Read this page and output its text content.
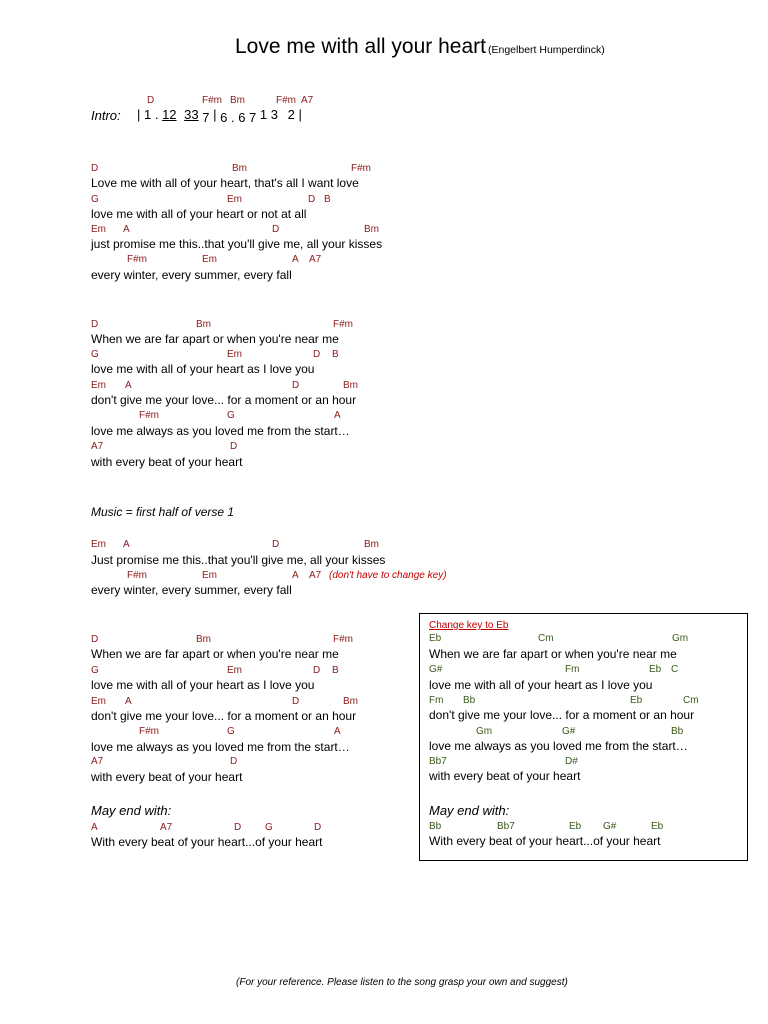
Love me with all your heart (Engelbert Humperdinck)
D	F#m Bm	F#m A7
Intro: | 1 . 12 33 7 | 6 . 6 7 1 3 2 |
D	Bm	F#m
Love me with all of your heart, that's all I want love
G	Em	D B
love me with all of your heart or not at all
Em A	D	Bm
just promise me this..that you'll give me, all your kisses
F#m	Em	A A7
every winter, every summer, every fall
D	Bm	F#m
When we are far apart or when you're near me
G	Em	D B
love me with all of your heart as I love you
Em A	D	Bm
don't give me your love... for a moment or an hour
F#m	G	A
love me always as you loved me from the start…
A7	D
with every beat of your heart
Music = first half of verse 1
Em A	D	Bm
Just promise me this..that you'll give me, all your kisses
F#m	Em	A A7 (don't have to change key)
every winter, every summer, every fall
D	Bm	F#m
When we are far apart or when you're near me
G	Em	D B
love me with all of your heart as I love you
Em A	D	Bm
don't give me your love... for a moment or an hour
F#m	G	A
love me always as you loved me from the start…
A7	D
with every beat of your heart
May end with:
A	A7	D G	D
With every beat of your heart...of your heart
Change key to Eb
Eb	Cm	Gm
When we are far apart or when you're near me
G#	Fm	Eb C
love me with all of your heart as I love you
Fm Bb	Eb	Cm
don't give me your love... for a moment or an hour
Gm	G#	Bb
love me always as you loved me from the start…
Bb7	D#
with every beat of your heart
May end with:
Bb	Bb7	Eb G#	Eb
With every beat of your heart...of your heart
(For your reference. Please listen to the song grasp your own and suggest)
